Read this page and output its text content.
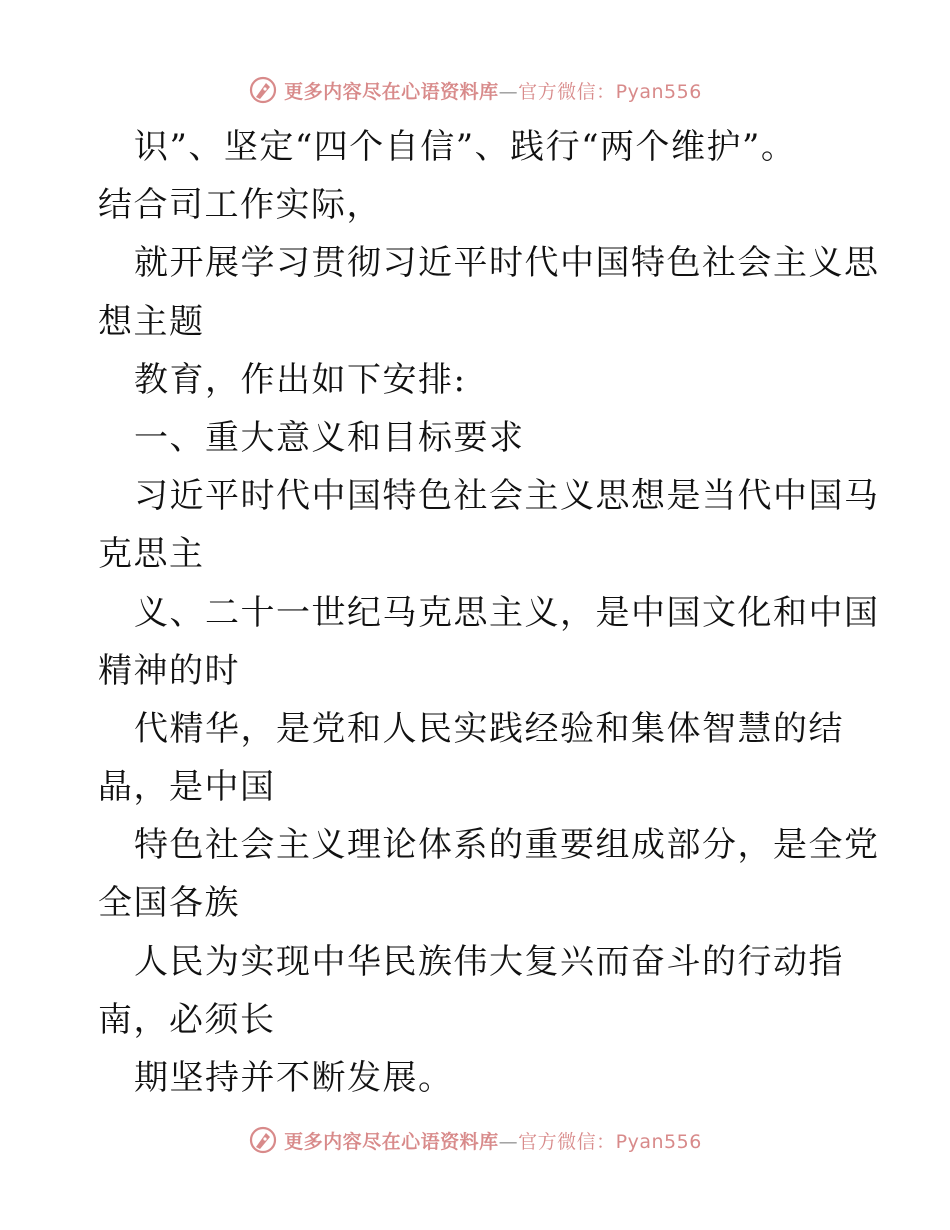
更多内容尽在心语资料库—官方微信：Pyan556
识”、坚定“四个自信”、践行“两个维护”。
结合司工作实际，
就开展学习贯彻习近平时代中国特色社会主义思
想主题
教育，作出如下安排:
一、重大意义和目标要求
习近平时代中国特色社会主义思想是当代中国马
克思主
义、二十一世纪马克思主义，是中国文化和中国
精神的时
代精华，是党和人民实践经验和集体智慧的结
晶，是中国
特色社会主义理论体系的重要组成部分，是全党
全国各族
人民为实现中华民族伟大复兴而奋斗的行动指
南，必须长
期坚持并不断发展。
更多内容尽在心语资料库—官方微信：Pyan556
